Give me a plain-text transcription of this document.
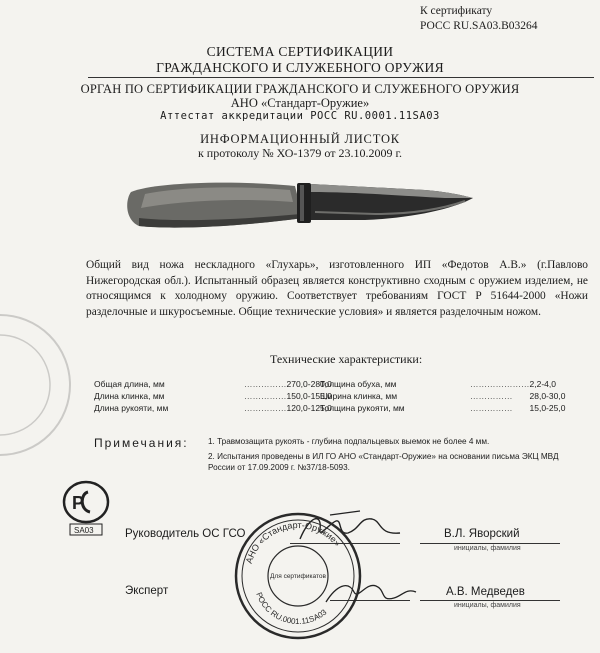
К сертификату
РОСС RU.SA03.B03264
СИСТЕМА СЕРТИФИКАЦИИ
ГРАЖДАНСКОГО И СЛУЖЕБНОГО ОРУЖИЯ
ОРГАН ПО СЕРТИФИКАЦИИ ГРАЖДАНСКОГО И СЛУЖЕБНОГО ОРУЖИЯ
АНО «Стандарт-Оружие»
Аттестат аккредитации РОСС RU.0001.11SA03
ИНФОРМАЦИОННЫЙ ЛИСТОК
к протоколу № ХО-1379 от 23.10.2009 г.
Общий вид ножа нескладного «Глухарь», изготовленного ИП «Федотов А.В.» (г.Павлово Нижегородская обл.). Испытанный образец является конструктивно сходным с оружием изделием, не относящимся к холодному оружию. Соответствует требованиям ГОСТ Р 51644-2000 «Ножи разделочные и шкуросъемные. Общие технические условия» и является разделочным ножом.
Технические характеристики:
Общая длина, мм	……………	270,0-280,0
Длина клинка, мм	……………	150,0-155,0
Длина рукояти, мм	……………	120,0-125,0
Толщина обуха, мм	…………………	2,2-4,0
Ширина клинка, мм	……………	28,0-30,0
Толщина рукояти, мм	……………	15,0-25,0
Примечания: 1. Травмозащита рукоять - глубина подпальцевых выемок не более 4 мм.
2. Испытания проведены в ИЛ ГО АНО «Стандарт-Оружие» на основании письма ЭКЦ МВД России от 17.09.2009 г. №37/18-5093.
P
SA03	Руководитель ОС ГСО	В.Л. Яворский
инициалы, фамилия
Эксперт	А.В. Медведев
инициалы, фамилия
АНО «Стандарт-Оружие»
РОСС RU.0001.11SA03
Для сертификатов
